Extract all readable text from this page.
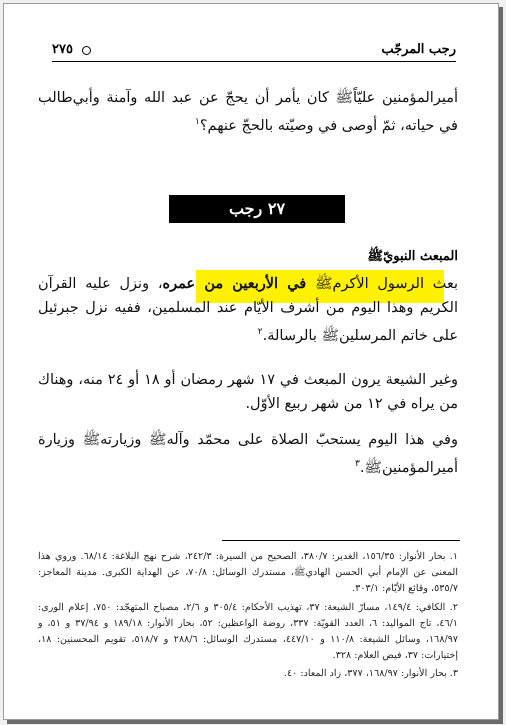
رجب المرجّب
٢٧٥
أميرالمؤمنين عليّاًﷺ كان يأمر أن يحجّ عن عبد الله وآمنة وأبي‌طالب في حياته، ثمّ أوصى في وصيّته بالحجّ عنهم؟$^١$
٢٧ رجب
المبعث النبويّﷺ
بعث الرسول الأكرمﷺ في الأربعين من عمره، ونزل عليه القرآن الكريم وهذا اليوم من أشرف الأيّام عند المسلمين، ففيه نزل جبرئيل على خاتم المرسلينﷺ بالرسالة.$^٢$
وغير الشيعة يرون المبعث في ١٧ شهر رمضان أو ١٨ أو ٢٤ منه، وهناك من يراه في ١٢ من شهر ربيع الأوّل.
وفي هذا اليوم يستحبّ الصلاة على محمّد وآلهﷺ وزيارتهﷺ وزيارة أميرالمؤمنينﷺ.$^٣$

١. بحار الأنوار: ١٥٦/٣٥، الغدير: ٣٨٠/٧، الصحيح من السيرة: ٢٤٢/٣، شرح نهج البلاغة: ٦٨/١٤. وروي هذا المعنى عن الإمام أبي الحسن الهاديﷺ، مستدرك الوسائل: ٧٠/٨، عن الهداية الكبرى. مدينة المعاجز: ٥٣٥/٧، وقائع الأيّام: ٣٠٣/١.

٢. الكافي: ١٤٩/٤، مسارّ الشيعة: ٣٧، تهذيب الأحكام: ٣٠٥/٤ و ٢/٦، مصباح المتهجّد: ٧٥٠، إعلام الورى: ٤٦/١، تاج المواليد: ٦، العدد القويّة: ٣٣٧، روضة الواعظين: ٥٢، بحار الأنوار: ١٨٩/١٨ و ٣٧/٩٤ و ٥١، و ١٦٨/٩٧، وسائل الشيعة: ١١٠/٨ و ٤٤٧/١٠، مستدرك الوسائل: ٢٨٨/٦ و ٥١٨/٧، تقويم المحسنين: ١٨، إختيارات: ٣٧، فيض العلام: ٣٢٨.

٣. بحار الأنوار: ١٦٨/٩٧، ٣٧٧، زاد المعاد: ٤٠.
